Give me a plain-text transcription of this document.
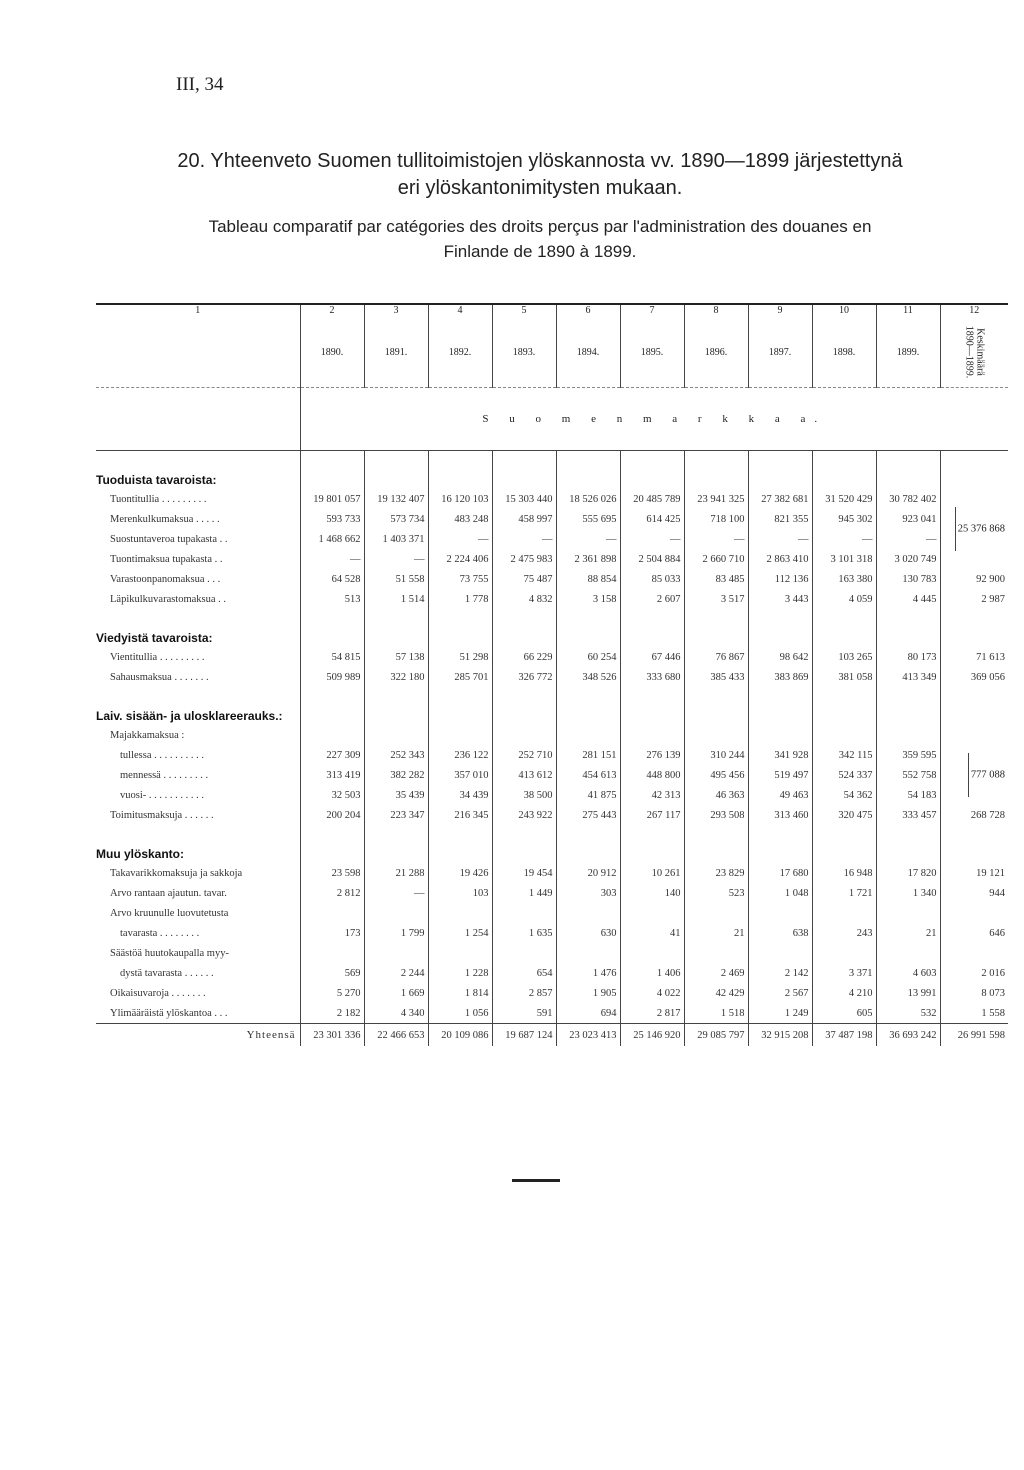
III, 34
20. Yhteenveto Suomen tullitoimistojen ylöskannosta vv. 1890—1899 järjestettynä
eri ylöskantonimitysten mukaan.
Tableau comparatif par catégories des droits perçus par l'administration des douanes en
Finlande de 1890 à 1899.

1	2	3	4	5	6	7	8	9	10	11	12
	1890.	1891.	1892.	1893.	1894.	1895.	1896.	1897.	1898.	1899.	Keskimäärä
1890—1899.
	S u o m e n m a r k k a a.										
Tuoduista tavaroista:											
Tuontitullia . . . . . . . . .	19 801 057	19 132 407	16 120 103	15 303 440	18 526 026	20 485 789	23 941 325	27 382 681	31 520 429	30 782 402	25 376 868
Merenkulkumaksua . . . . .	593 733	573 734	483 248	458 997	555 695	614 425	718 100	821 355	945 302	923 041	
Suostuntaveroa tupakasta . .	1 468 662	1 403 371	—	—	—	—	—	—	—	—	
Tuontimaksua tupakasta . .	—	—	2 224 406	2 475 983	2 361 898	2 504 884	2 660 710	2 863 410	3 101 318	3 020 749	
Varastoonpanomaksua . . .	64 528	51 558	73 755	75 487	88 854	85 033	83 485	112 136	163 380	130 783	92 900
Läpikulkuvarastomaksua . .	513	1 514	1 778	4 832	3 158	2 607	3 517	3 443	4 059	4 445	2 987
Viedyistä tavaroista:											
Vientitullia . . . . . . . . .	54 815	57 138	51 298	66 229	60 254	67 446	76 867	98 642	103 265	80 173	71 613
Sahausmaksua . . . . . . .	509 989	322 180	285 701	326 772	348 526	333 680	385 433	383 869	381 058	413 349	369 056
Laiv. sisään- ja ulosklareerauks.:											
Majakkamaksua :											
tullessa . . . . . . . . . .	227 309	252 343	236 122	252 710	281 151	276 139	310 244	341 928	342 115	359 595	777 088
mennessä . . . . . . . . .	313 419	382 282	357 010	413 612	454 613	448 800	495 456	519 497	524 337	552 758	
vuosi- . . . . . . . . . . .	32 503	35 439	34 439	38 500	41 875	42 313	46 363	49 463	54 362	54 183	
Toimitusmaksuja . . . . . .	200 204	223 347	216 345	243 922	275 443	267 117	293 508	313 460	320 475	333 457	268 728
Muu ylöskanto:											
Takavarikkomaksuja ja sakkoja	23 598	21 288	19 426	19 454	20 912	10 261	23 829	17 680	16 948	17 820	19 121
Arvo rantaan ajautun. tavar.	2 812	—	103	1 449	303	140	523	1 048	1 721	1 340	944
Arvo kruunulle luovutetusta											
tavarasta . . . . . . . .	173	1 799	1 254	1 635	630	41	21	638	243	21	646
Säästöä huutokaupalla myy-											
dystä tavarasta . . . . . .	569	2 244	1 228	654	1 476	1 406	2 469	2 142	3 371	4 603	2 016
Oikaisuvaroja . . . . . . .	5 270	1 669	1 814	2 857	1 905	4 022	42 429	2 567	4 210	13 991	8 073
Ylimääräistä ylöskantoa . . .	2 182	4 340	1 056	591	694	2 817	1 518	1 249	605	532	1 558
Yhteensä	23 301 336	22 466 653	20 109 086	19 687 124	23 023 413	25 146 920	29 085 797	32 915 208	37 487 198	36 693 242	26 991 598
